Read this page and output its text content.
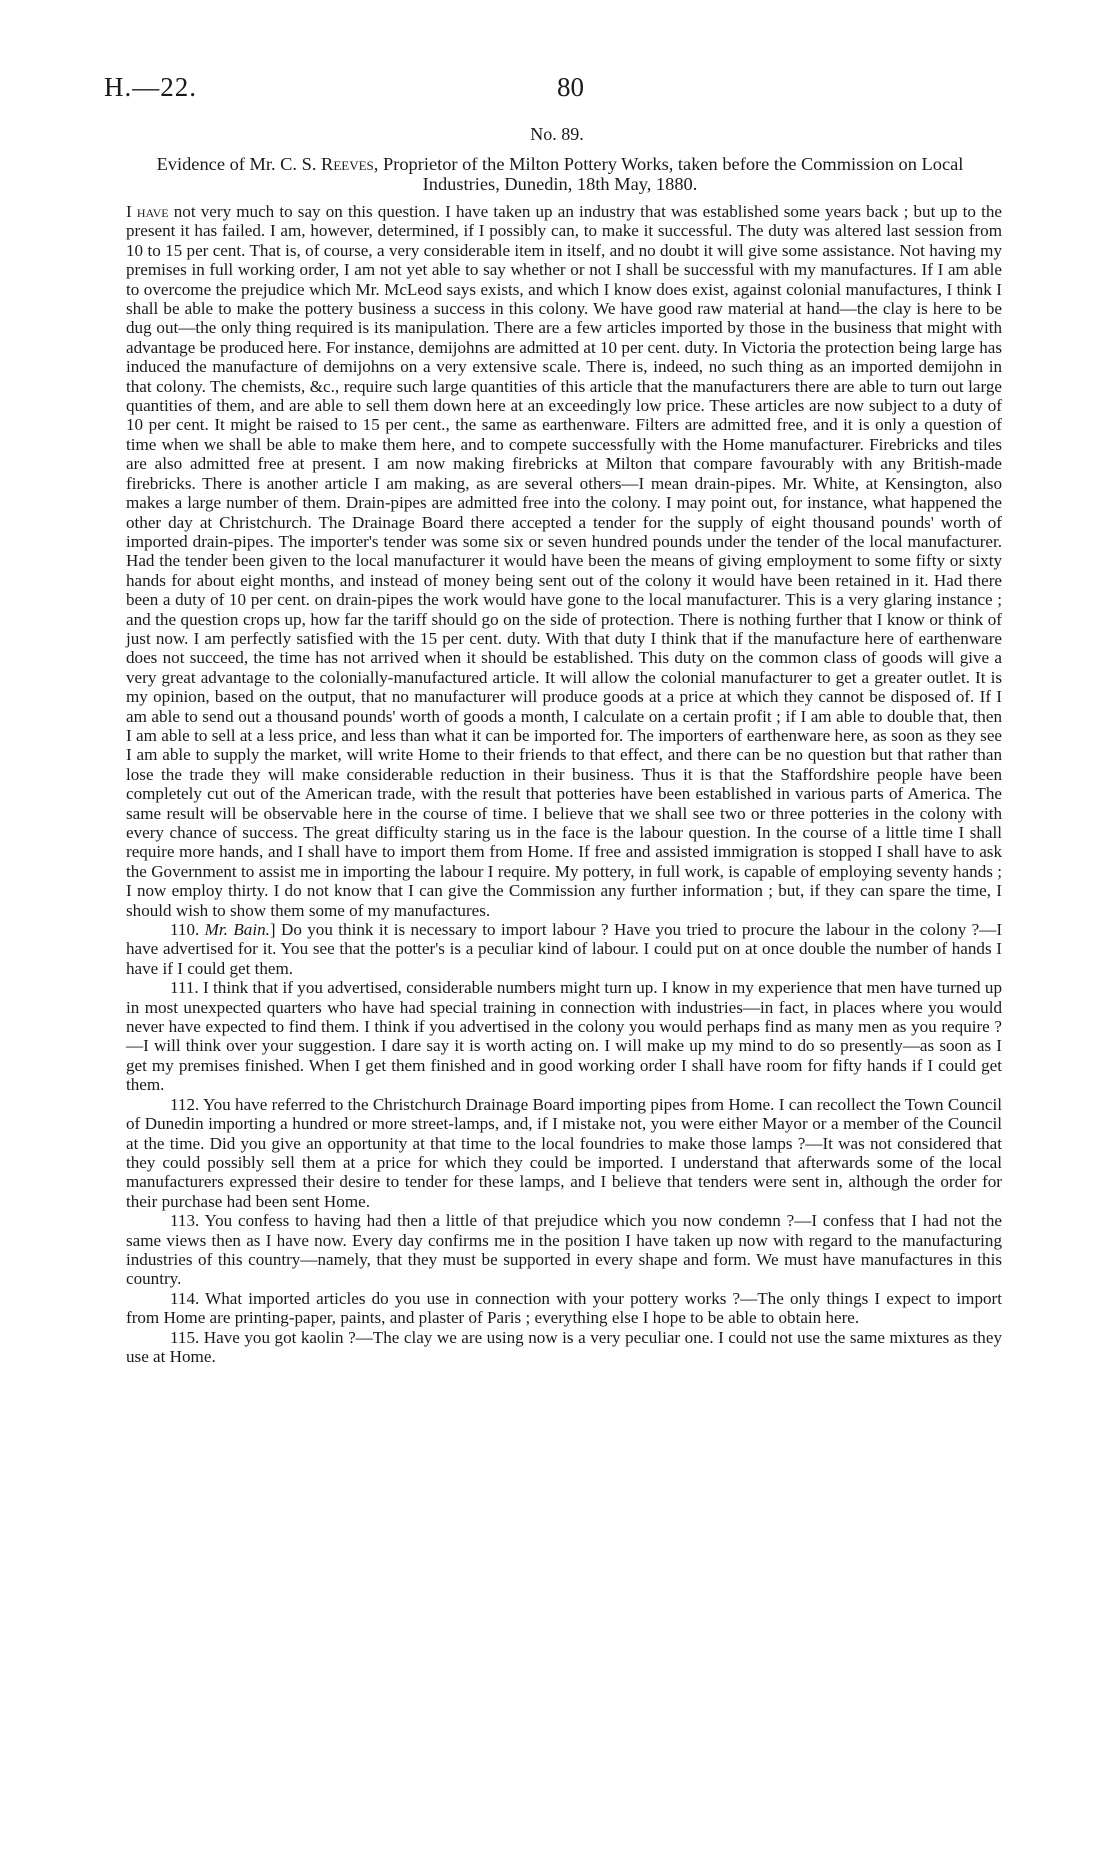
H.—22.	80
No. 89.
Evidence of Mr. C. S. Reeves, Proprietor of the Milton Pottery Works, taken before the Commission on Local Industries, Dunedin, 18th May, 1880.

I have not very much to say on this question. I have taken up an industry that was established some years back ; but up to the present it has failed. I am, however, determined, if I possibly can, to make it successful. The duty was altered last session from 10 to 15 per cent. That is, of course, a very considerable item in itself, and no doubt it will give some assistance. Not having my premises in full working order, I am not yet able to say whether or not I shall be successful with my manufactures. If I am able to overcome the prejudice which Mr. McLeod says exists, and which I know does exist, against colonial manufactures, I think I shall be able to make the pottery business a success in this colony. We have good raw material at hand—the clay is here to be dug out—the only thing required is its manipulation. There are a few articles imported by those in the business that might with advantage be produced here. For instance, demijohns are admitted at 10 per cent. duty. In Victoria the protection being large has induced the manufacture of demijohns on a very extensive scale. There is, indeed, no such thing as an imported demijohn in that colony. The chemists, &c., require such large quantities of this article that the manufacturers there are able to turn out large quantities of them, and are able to sell them down here at an exceedingly low price. These articles are now subject to a duty of 10 per cent. It might be raised to 15 per cent., the same as earthenware. Filters are admitted free, and it is only a question of time when we shall be able to make them here, and to compete successfully with the Home manufacturer. Firebricks and tiles are also admitted free at present. I am now making firebricks at Milton that compare favourably with any British-made firebricks. There is another article I am making, as are several others—I mean drain-pipes. Mr. White, at Kensington, also makes a large number of them. Drain-pipes are admitted free into the colony. I may point out, for instance, what happened the other day at Christchurch. The Drainage Board there accepted a tender for the supply of eight thousand pounds' worth of imported drain-pipes. The importer's tender was some six or seven hundred pounds under the tender of the local manufacturer. Had the tender been given to the local manufacturer it would have been the means of giving employment to some fifty or sixty hands for about eight months, and instead of money being sent out of the colony it would have been retained in it. Had there been a duty of 10 per cent. on drain-pipes the work would have gone to the local manufacturer. This is a very glaring instance ; and the question crops up, how far the tariff should go on the side of protection. There is nothing further that I know or think of just now. I am perfectly satisfied with the 15 per cent. duty. With that duty I think that if the manufacture here of earthenware does not succeed, the time has not arrived when it should be established. This duty on the common class of goods will give a very great advantage to the colonially-manufactured article. It will allow the colonial manufacturer to get a greater outlet. It is my opinion, based on the output, that no manufacturer will produce goods at a price at which they cannot be disposed of. If I am able to send out a thousand pounds' worth of goods a month, I calculate on a certain profit ; if I am able to double that, then I am able to sell at a less price, and less than what it can be imported for. The importers of earthenware here, as soon as they see I am able to supply the market, will write Home to their friends to that effect, and there can be no question but that rather than lose the trade they will make considerable reduction in their business. Thus it is that the Staffordshire people have been completely cut out of the American trade, with the result that potteries have been established in various parts of America. The same result will be observable here in the course of time. I believe that we shall see two or three potteries in the colony with every chance of success. The great difficulty staring us in the face is the labour question. In the course of a little time I shall require more hands, and I shall have to import them from Home. If free and assisted immigration is stopped I shall have to ask the Government to assist me in importing the labour I require. My pottery, in full work, is capable of employing seventy hands ; I now employ thirty. I do not know that I can give the Commission any further information ; but, if they can spare the time, I should wish to show them some of my manufactures.

110. Mr. Bain.] Do you think it is necessary to import labour ? Have you tried to procure the labour in the colony ?—I have advertised for it. You see that the potter's is a peculiar kind of labour. I could put on at once double the number of hands I have if I could get them.

111. I think that if you advertised, considerable numbers might turn up. I know in my experience that men have turned up in most unexpected quarters who have had special training in connection with industries—in fact, in places where you would never have expected to find them. I think if you advertised in the colony you would perhaps find as many men as you require ?—I will think over your suggestion. I dare say it is worth acting on. I will make up my mind to do so presently—as soon as I get my premises finished. When I get them finished and in good working order I shall have room for fifty hands if I could get them.

112. You have referred to the Christchurch Drainage Board importing pipes from Home. I can recollect the Town Council of Dunedin importing a hundred or more street-lamps, and, if I mistake not, you were either Mayor or a member of the Council at the time. Did you give an opportunity at that time to the local foundries to make those lamps ?—It was not considered that they could possibly sell them at a price for which they could be imported. I understand that afterwards some of the local manufacturers expressed their desire to tender for these lamps, and I believe that tenders were sent in, although the order for their purchase had been sent Home.

113. You confess to having had then a little of that prejudice which you now condemn ?—I confess that I had not the same views then as I have now. Every day confirms me in the position I have taken up now with regard to the manufacturing industries of this country—namely, that they must be supported in every shape and form. We must have manufactures in this country.

114. What imported articles do you use in connection with your pottery works ?—The only things I expect to import from Home are printing-paper, paints, and plaster of Paris ; everything else I hope to be able to obtain here.

115. Have you got kaolin ?—The clay we are using now is a very peculiar one. I could not use the same mixtures as they use at Home.
